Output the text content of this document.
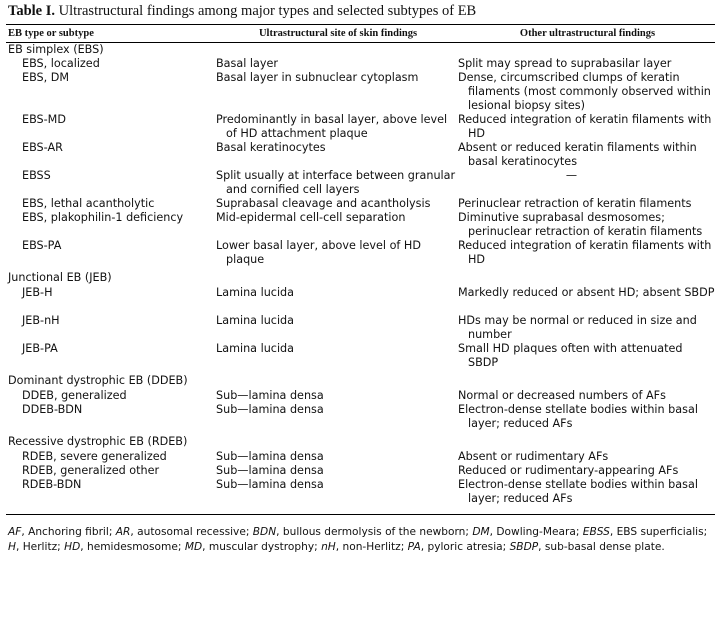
Table I. Ultrastructural findings among major types and selected subtypes of EB
EB type or subtype	Ultrastructural site of skin findings	Other ultrastructural findings
EB simplex (EBS)		
EBS, localized	Basal layer	Split may spread to suprabasilar layer
EBS, DM	Basal layer in subnuclear cytoplasm	Dense, circumscribed clumps of keratin filaments (most commonly observed within lesional biopsy sites)
EBS-MD	Predominantly in basal layer, above level of HD attachment plaque	Reduced integration of keratin filaments with HD
EBS-AR	Basal keratinocytes	Absent or reduced keratin filaments within basal keratinocytes
EBSS	Split usually at interface between granular and cornified cell layers	—
EBS, lethal acantholytic	Suprabasal cleavage and acantholysis	Perinuclear retraction of keratin filaments
EBS, plakophilin-1 deficiency	Mid-epidermal cell-cell separation	Diminutive suprabasal desmosomes; perinuclear retraction of keratin filaments
EBS-PA	Lower basal layer, above level of HD plaque	Reduced integration of keratin filaments with HD

Junctional EB (JEB)		
JEB-H	Lamina lucida	Markedly reduced or absent HD; absent SBDP
JEB-nH	Lamina lucida	HDs may be normal or reduced in size and number
JEB-PA	Lamina lucida	Small HD plaques often with attenuated SBDP

Dominant dystrophic EB (DDEB)		
DDEB, generalized	Sub—lamina densa	Normal or decreased numbers of AFs
DDEB-BDN	Sub—lamina densa	Electron-dense stellate bodies within basal layer; reduced AFs

Recessive dystrophic EB (RDEB)		
RDEB, severe generalized	Sub—lamina densa	Absent or rudimentary AFs
RDEB, generalized other	Sub—lamina densa	Reduced or rudimentary-appearing AFs
RDEB-BDN	Sub—lamina densa	Electron-dense stellate bodies within basal layer; reduced AFs

AF, Anchoring fibril; AR, autosomal recessive; BDN, bullous dermolysis of the newborn; DM, Dowling-Meara; EBSS, EBS superficialis; H, Herlitz; HD, hemidesmosome; MD, muscular dystrophy; nH, non-Herlitz; PA, pyloric atresia; SBDP, sub-basal dense plate.
